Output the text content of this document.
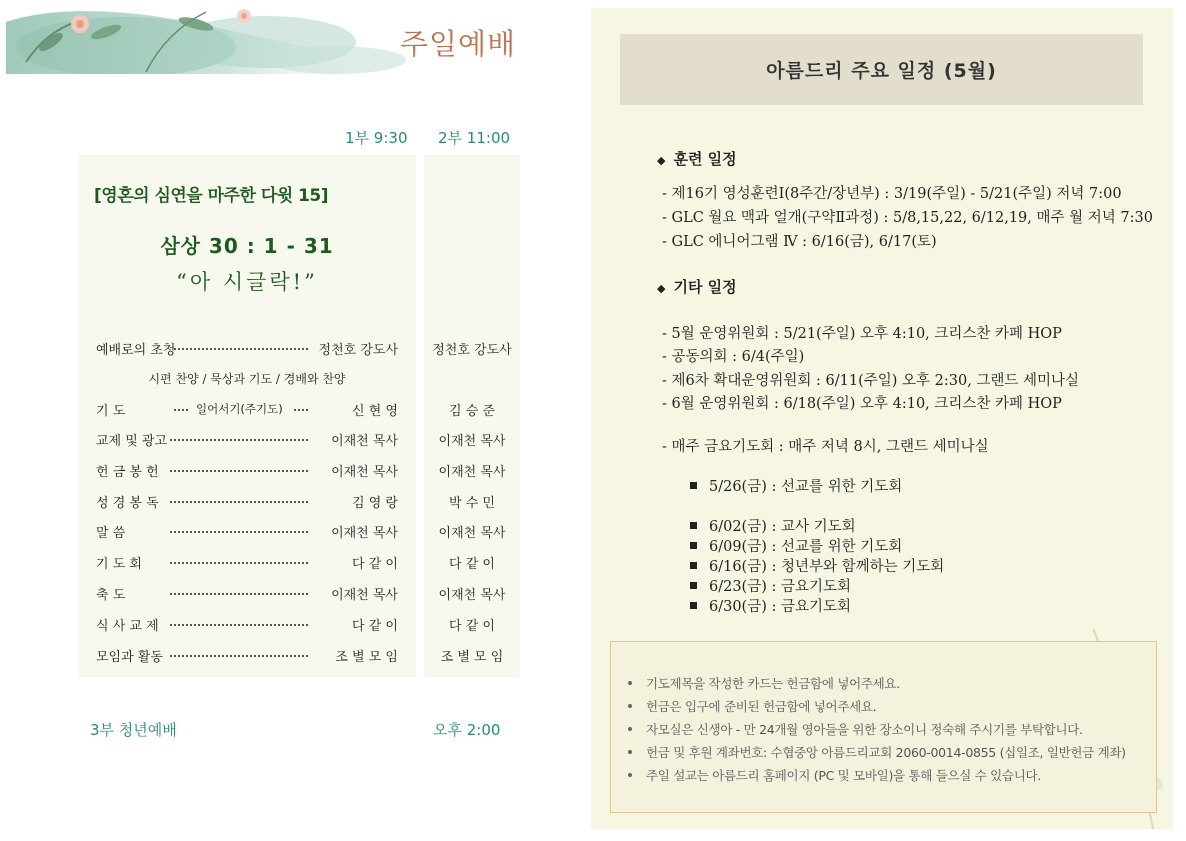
주일예배
1부 9:30 2부 11:00
[영혼의 심연을 마주한 다윗 15]
삼상 30 : 1 - 31
“아 시글락!”
예배로의 초청	정천호 강도사	정천호 강도사
시편 찬양 / 묵상과 기도 / 경배와 찬양
기 도	일어서기(주기도)	신 현 영	김 승 준
교제 및 광고	이재천 목사	이재천 목사
헌 금 봉 헌	이재천 목사	이재천 목사
성 경 봉 독	김 영 랑	박 수 민
말 씀	이재천 목사	이재천 목사
기 도 회	다 같 이	다 같 이
축 도	이재천 목사	이재천 목사
식 사 교 제	다 같 이	다 같 이
모임과 활동	조 별 모 임	조 별 모 임
3부 청년예배	오후 2:00
아름드리 주요 일정 (5월)
◆ 훈련 일정
- 제16기 영성훈련Ⅰ(8주간/장년부) : 3/19(주일) - 5/21(주일) 저녁 7:00
- GLC 월요 맥과 얼개(구약Ⅱ과정) : 5/8,15,22, 6/12,19, 매주 월 저녁 7:30
- GLC 에니어그램 Ⅳ : 6/16(금), 6/17(토)
◆ 기타 일정
- 5월 운영위원회 : 5/21(주일) 오후 4:10, 크리스찬 카페 HOP
- 공동의회 : 6/4(주일)
- 제6차 확대운영위원회 : 6/11(주일) 오후 2:30, 그랜드 세미나실
- 6월 운영위원회 : 6/18(주일) 오후 4:10, 크리스찬 카페 HOP
- 매주 금요기도회 : 매주 저녁 8시, 그랜드 세미나실
5/26(금) : 선교를 위한 기도회
6/02(금) : 교사 기도회
6/09(금) : 선교를 위한 기도회
6/16(금) : 청년부와 함께하는 기도회
6/23(금) : 금요기도회
6/30(금) : 금요기도회
기도제목을 작성한 카드는 헌금함에 넣어주세요.
헌금은 입구에 준비된 헌금함에 넣어주세요.
자모실은 신생아 - 만 24개월 영아들을 위한 장소이니 정숙해 주시기를 부탁합니다.
헌금 및 후원 계좌번호: 수협중앙 아름드리교회 2060-0014-0855 (십일조, 일반헌금 계좌)
주일 설교는 아름드리 홈페이지 (PC 및 모바일)을 통해 들으실 수 있습니다.
